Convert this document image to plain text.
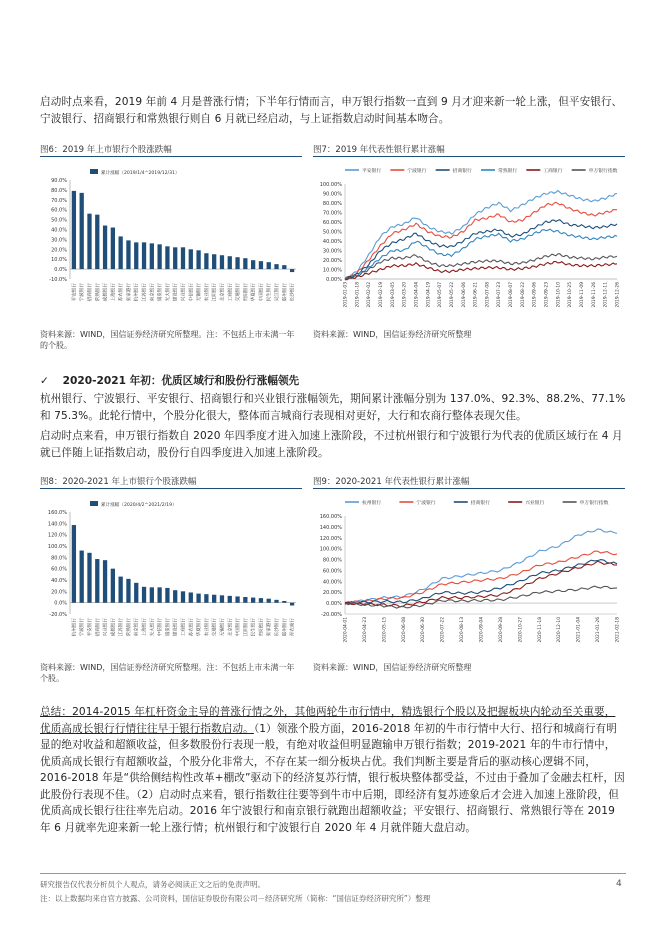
启动时点来看，2019 年前 4 月是普涨行情；下半年行情而言，申万银行指数一直到 9 月才迎来新一轮上涨，但平安银行、宁波银行、招商银行和常熟银行则自 6 月就已经启动，与上证指数启动时间基本吻合。
图6：2019 年上市银行个股涨跌幅
累计涨幅（2019/1/4^2019/12/31）
90.0%
80.0%
70.0%
60.0%
50.0%
40.0%
30.0%
20.0%
10.0%
0.0%
-10.0%
平安银行 宁波银行 招商银行 常熟银行 成都银行 上海银行 苏农银行 张家港行 杭州银行 江苏银行 南京银行 浦发银行 光大银行 建设银行 兴业银行 中信银行 无锡银行 农业银行 江阴银行 北京银行 工商银行 交通银行 贵阳银行 华夏银行 中国银行 民生银行 吴江银行 郑州银行 长沙银行
资料来源：WIND，国信证券经济研究所整理。注：不包括上市未满一年的个股。
图7：2019 年代表性银行累计涨幅
平安银行	宁波银行	招商银行	常熟银行	工商银行	申万银行指数
100.00%
90.00%
80.00%
70.00%
60.00%
50.00%
40.00%
30.00%
20.00%
10.00%
0.00%
2019-01-03 2019-01-18 2019-02-02 2019-02-19 2019-03-05 2019-03-20 2019-04-04 2019-04-19 2019-05-07 2019-05-22 2019-06-06 2019-06-21 2019-07-08 2019-07-23 2019-08-07 2019-08-22 2019-09-06 2019-09-23 2019-10-10 2019-10-25 2019-11-09 2019-11-26 2019-12-11 2019-12-26
资料来源：WIND，国信证券经济研究所整理
✓ 2020-2021 年初：优质区域行和股份行涨幅领先
杭州银行、宁波银行、平安银行、招商银行和兴业银行涨幅领先，期间累计涨幅分别为 137.0%、92.3%、88.2%、77.1% 和 75.3%。此轮行情中，个股分化很大，整体而言城商行表现相对更好，大行和农商行整体表现欠佳。
启动时点来看，申万银行指数自 2020 年四季度才进入加速上涨阶段，不过杭州银行和宁波银行为代表的优质区域行在 4 月就已伴随上证指数启动，股份行自四季度进入加速上涨阶段。
图8：2020-2021 年上市银行个股涨跌幅
累计涨幅（2020/4/2^2021/2/19）
160.0%
140.0%
120.0%
100.0%
80.0%
60.0%
40.0%
20.0%
0.0%
-20.0%
杭州银行 宁波银行 平安银行 招商银行 兴业银行 成都银行 江苏银行 常熟银行 南京银行 上海银行 光大银行 中信银行 浦发银行 建设银行 工商银行 苏农银行 华夏银行 农业银行 交通银行 无锡银行 北京银行 中国银行 江阴银行 民生银行 贵阳银行 张家港行 长沙银行 郑州银行 青农商行
资料来源：WIND，国信证券经济研究所整理。注：不包括上市未满一年个股。
图9：2020-2021 年代表性银行累计涨幅
杭州银行	宁波银行	招商银行	兴业银行	申万银行指数
160.00%
140.00%
120.00%
100.00%
80.00%
60.00%
40.00%
20.00%
0.00%
-20.00%
2020-04-01	2020-04-23	2020-05-15	2020-06-08	2020-06-30	2020-07-22	2020-08-13	2020-09-04	2020-09-28	2020-10-27	2020-11-18	2020-12-10	2021-01-04	2021-01-26	2021-02-18
资料来源：WIND，国信证券经济研究所整理
总结：2014-2015 年杠杆资金主导的普涨行情之外，其他两轮牛市行情中，精选银行个股以及把握板块内轮动至关重要，优质高成长银行行情往往早于银行指数启动。（1）领涨个股方面，2016-2018 年初的牛市行情中大行、招行和城商行有明显的绝对收益和超额收益，但多数股份行表现一般，有绝对收益但明显跑输申万银行指数；2019-2021 年的牛市行情中，优质高成长银行有超额收益，个股分化非常大，不存在某一细分板块占优。我们判断主要是背后的驱动核心逻辑不同，2016-2018 年是“供给侧结构性改革+棚改”驱动下的经济复苏行情，银行板块整体都受益，不过由于叠加了金融去杠杆，因此股份行表现不佳。（2）启动时点来看，银行指数往往要等到牛市中后期，即经济有复苏迹象后才会进入加速上涨阶段，但优质高成长银行往往率先启动。2016 年宁波银行和南京银行就跑出超额收益；平安银行、招商银行、常熟银行等在 2019 年 6 月就率先迎来新一轮上涨行情；杭州银行和宁波银行自 2020 年 4 月就伴随大盘启动。
研究报告仅代表分析员个人观点，请务必阅读正文之后的免责声明。	4
注：以上数据均来自官方披露、公司资料，国信证券股份有限公司－经济研究所（简称：“国信证券经济研究所”）整理
